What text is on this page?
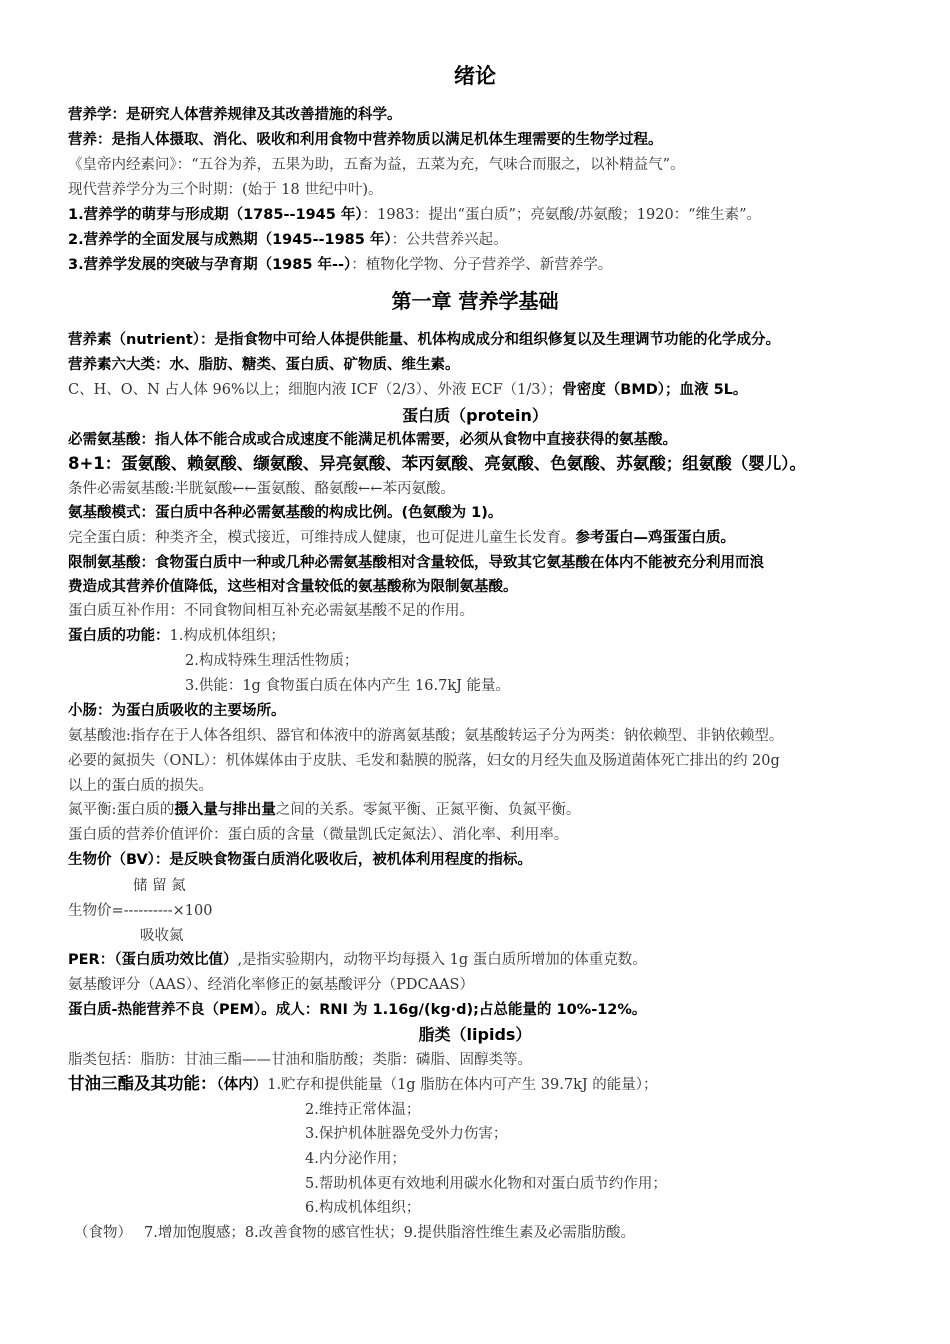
绪论
营养学：是研究人体营养规律及其改善措施的科学。
营养：是指人体摄取、消化、吸收和利用食物中营养物质以满足机体生理需要的生物学过程。
《皇帝内经素问》：“五谷为养，五果为助，五畜为益，五菜为充，气味合而服之，以补精益气”。
现代营养学分为三个时期：(始于 18 世纪中叶)。
1.营养学的萌芽与形成期（1785--1945 年）：1983：提出“蛋白质”；亮氨酸/苏氨酸；1920：“维生素”。
2.营养学的全面发展与成熟期（1945--1985 年）：公共营养兴起。
3.营养学发展的突破与孕育期（1985 年--）：植物化学物、分子营养学、新营养学。
第一章 营养学基础
营养素（nutrient）：是指食物中可给人体提供能量、机体构成成分和组织修复以及生理调节功能的化学成分。
营养素六大类：水、脂肪、糖类、蛋白质、矿物质、维生素。
C、H、O、N 占人体 96%以上；细胞内液 ICF（2/3）、外液 ECF（1/3）；骨密度（BMD）；血液 5L。
蛋白质（protein）
必需氨基酸：指人体不能合成或合成速度不能满足机体需要，必须从食物中直接获得的氨基酸。
8+1：蛋氨酸、赖氨酸、缬氨酸、异亮氨酸、苯丙氨酸、亮氨酸、色氨酸、苏氨酸；组氨酸（婴儿）。
条件必需氨基酸:半胱氨酸←←蛋氨酸、酪氨酸←←苯丙氨酸。
氨基酸模式：蛋白质中各种必需氨基酸的构成比例。(色氨酸为 1)。
完全蛋白质：种类齐全，模式接近，可维持成人健康，也可促进儿童生长发育。参考蛋白—鸡蛋蛋白质。
限制氨基酸：食物蛋白质中一种或几种必需氨基酸相对含量较低，导致其它氨基酸在体内不能被充分利用而浪
费造成其营养价值降低，这些相对含量较低的氨基酸称为限制氨基酸。
蛋白质互补作用：不同食物间相互补充必需氨基酸不足的作用。
蛋白质的功能：1.构成机体组织；
2.构成特殊生理活性物质；
3.供能：1g 食物蛋白质在体内产生 16.7kJ 能量。
小肠：为蛋白质吸收的主要场所。
氨基酸池:指存在于人体各组织、器官和体液中的游离氨基酸；氨基酸转运子分为两类：钠依赖型、非钠依赖型。
必要的氮损失（ONL）：机体媒体由于皮肤、毛发和黏膜的脱落，妇女的月经失血及肠道菌体死亡排出的约 20g
以上的蛋白质的损失。
氮平衡:蛋白质的摄入量与排出量之间的关系。零氮平衡、正氮平衡、负氮平衡。
蛋白质的营养价值评价：蛋白质的含量（微量凯氏定氮法）、消化率、利用率。
生物价（BV）：是反映食物蛋白质消化吸收后，被机体利用程度的指标。
储 留 氮
生物价=----------×100
吸收氮
PER：（蛋白质功效比值）,是指实验期内，动物平均每摄入 1g 蛋白质所增加的体重克数。
氨基酸评分（AAS）、经消化率修正的氨基酸评分（PDCAAS）
蛋白质-热能营养不良（PEM）。成人：RNI 为 1.16g/(kg·d);占总能量的 10%-12%。
脂类（lipids）
脂类包括：脂肪：甘油三酯——甘油和脂肪酸；类脂：磷脂、固醇类等。
甘油三酯及其功能：（体内）1.贮存和提供能量（1g 脂肪在体内可产生 39.7kJ 的能量）；
2.维持正常体温；
3.保护机体脏器免受外力伤害；
4.内分泌作用；
5.帮助机体更有效地利用碳水化物和对蛋白质节约作用；
6.构成机体组织；
（食物） 7.增加饱腹感；8.改善食物的感官性状；9.提供脂溶性维生素及必需脂肪酸。
